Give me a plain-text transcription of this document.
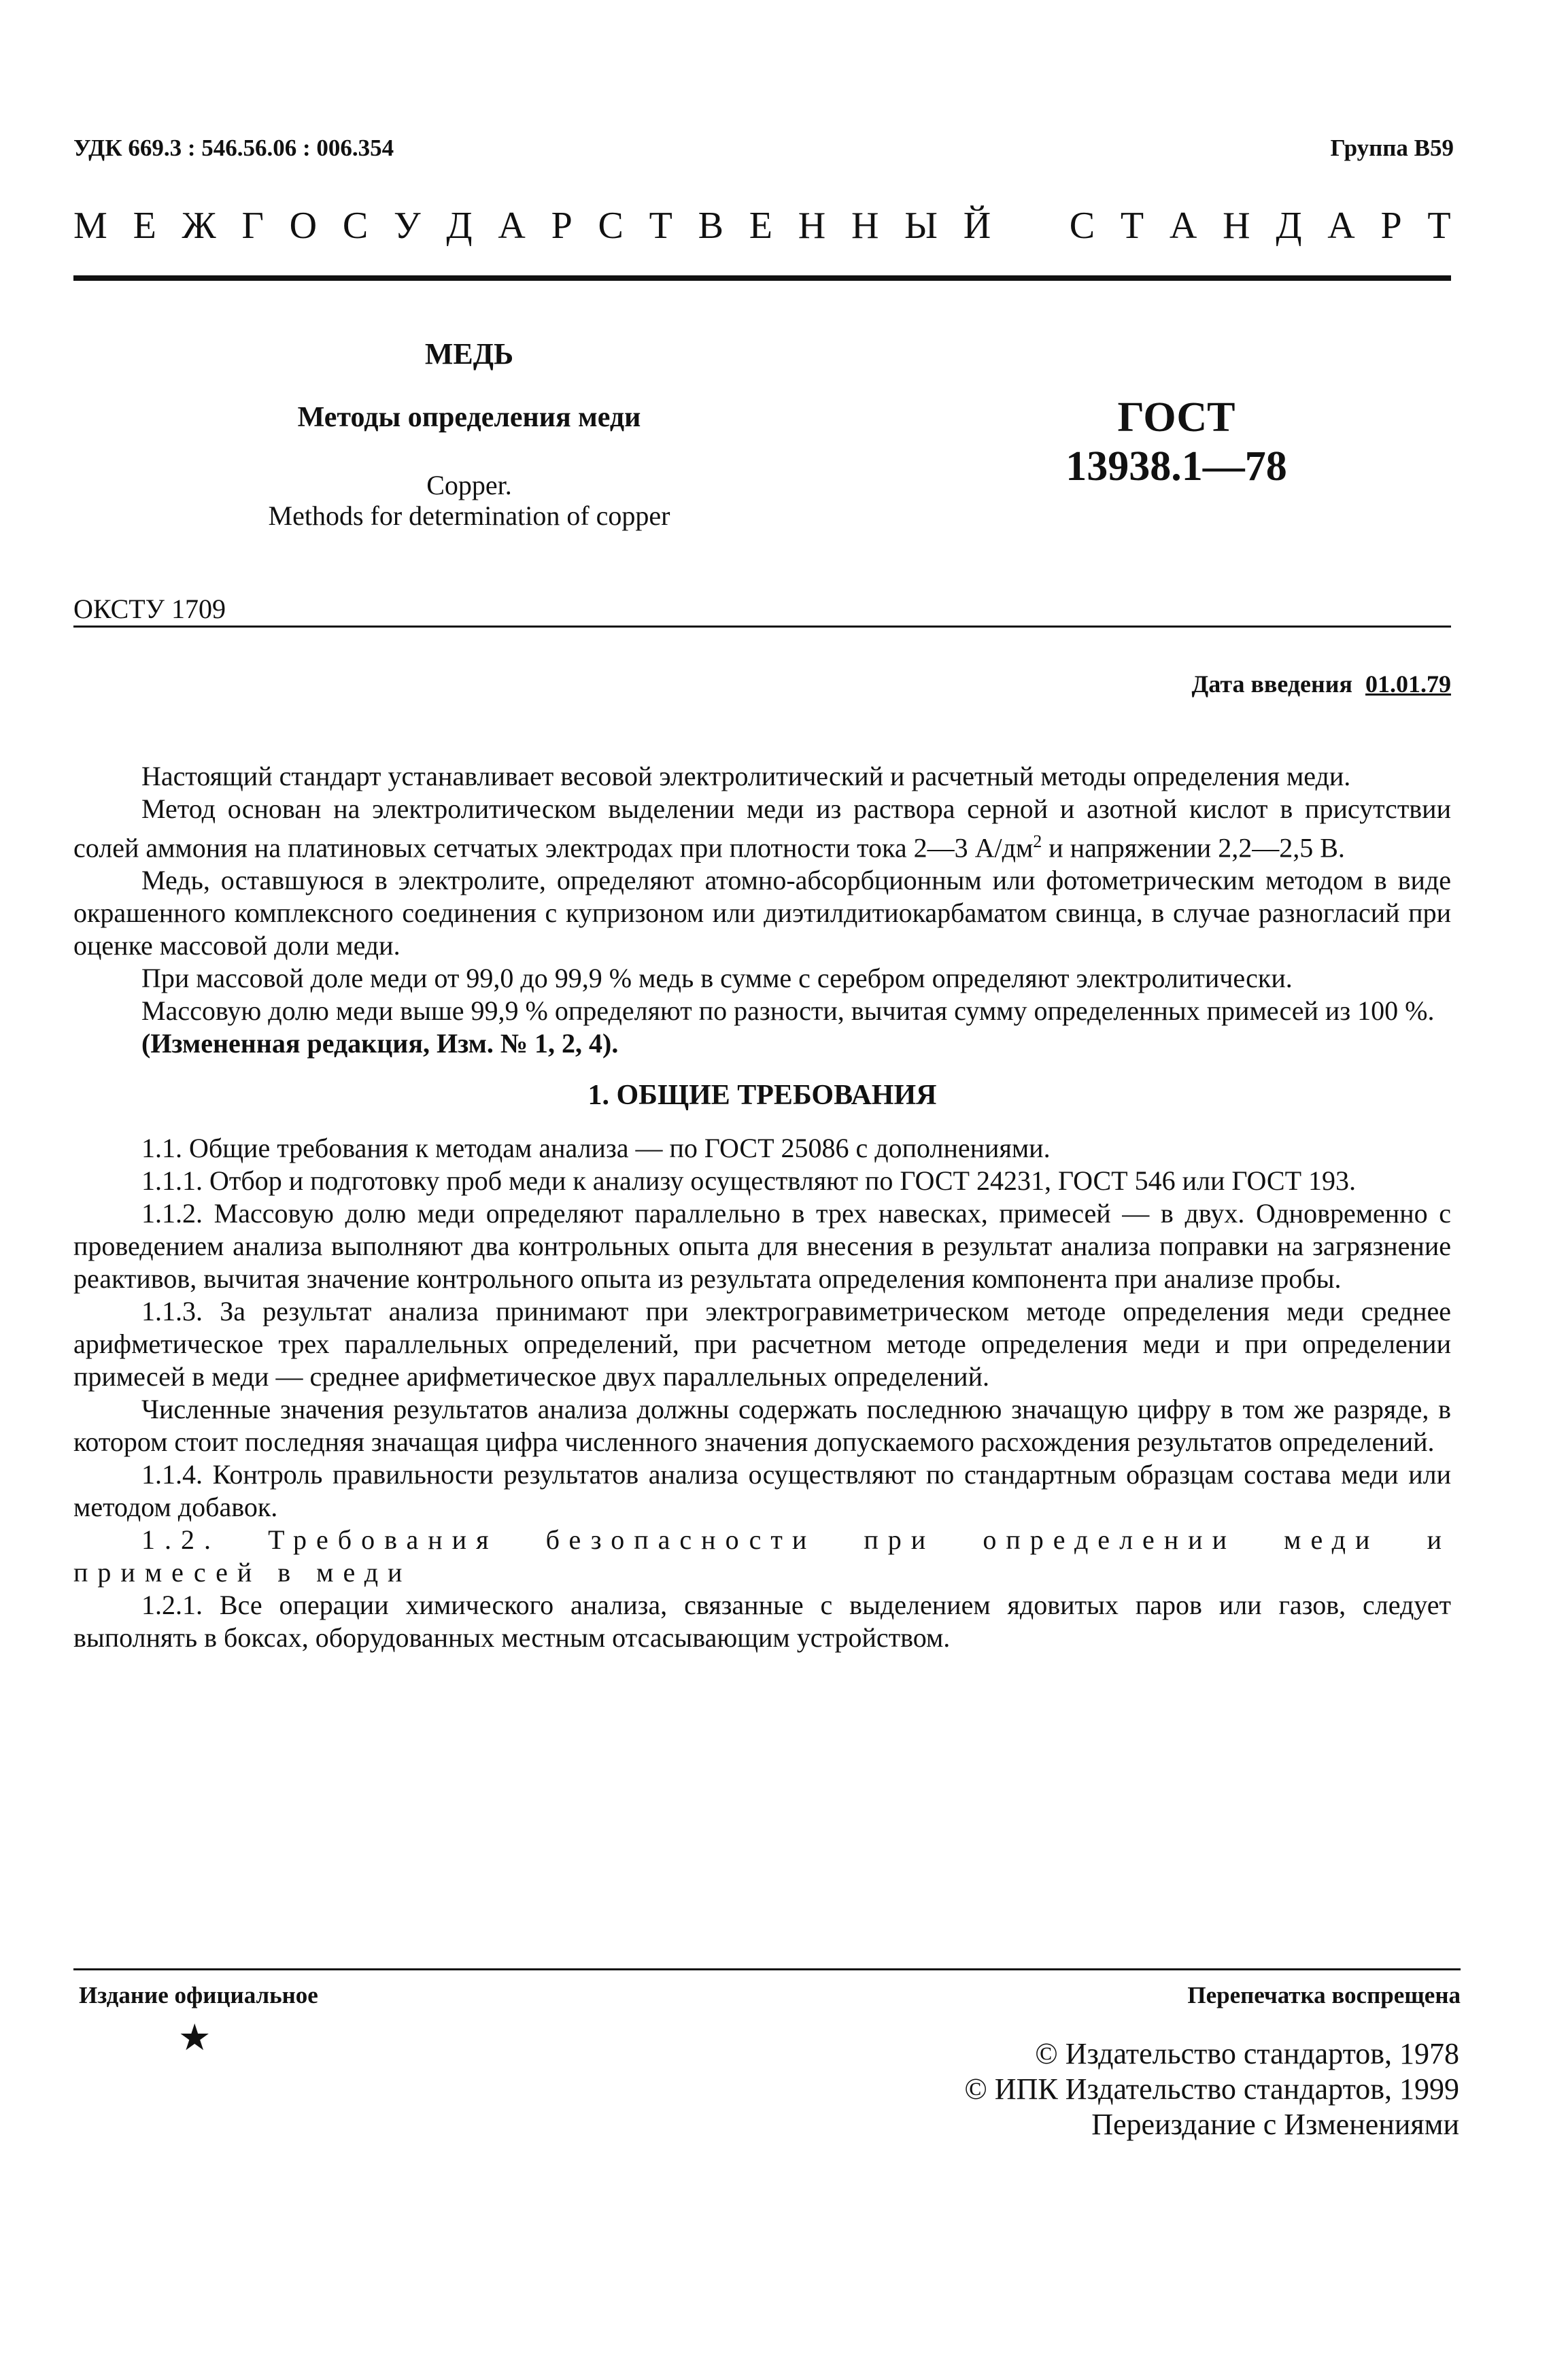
УДК 669.3 : 546.56.06 : 006.354	Группа В59
М Е Ж Г О С У Д А Р С Т В Е Н Н Ы Й С Т А Н Д А Р Т
МЕДЬ
Методы определения меди
Copper.
Methods for determination of copper
ГОСТ
13938.1—78
ОКСТУ 1709
Дата введения 01.01.79

Настоящий стандарт устанавливает весовой электролитический и расчетный методы определения меди.

Метод основан на электролитическом выделении меди из раствора серной и азотной кислот в присутствии солей аммония на платиновых сетчатых электродах при плотности тока 2—3 $А/дм^2$ и напряжении 2,2—2,5 В.

Медь, оставшуюся в электролите, определяют атомно-абсорбционным или фотометрическим методом в виде окрашенного комплексного соединения с купризоном или диэтилдитиокарбаматом свинца, в случае разногласий при оценке массовой доли меди.

При массовой доле меди от 99,0 до 99,9 % медь в сумме с серебром определяют электролитически.

Массовую долю меди выше 99,9 % определяют по разности, вычитая сумму определенных примесей из 100 %.

(Измененная редакция, Изм. № 1, 2, 4).

1. ОБЩИЕ ТРЕБОВАНИЯ

1.1. Общие требования к методам анализа — по ГОСТ 25086 с дополнениями.

1.1.1. Отбор и подготовку проб меди к анализу осуществляют по ГОСТ 24231, ГОСТ 546 или ГОСТ 193.

1.1.2. Массовую долю меди определяют параллельно в трех навесках, примесей — в двух. Одновременно с проведением анализа выполняют два контрольных опыта для внесения в результат анализа поправки на загрязнение реактивов, вычитая значение контрольного опыта из результата определения компонента при анализе пробы.

1.1.3. За результат анализа принимают при электрогравиметрическом методе определения меди среднее арифметическое трех параллельных определений, при расчетном методе определения меди и при определении примесей в меди — среднее арифметическое двух параллельных определений.

Численные значения результатов анализа должны содержать последнюю значащую цифру в том же разряде, в котором стоит последняя значащая цифра численного значения допускаемого расхождения результатов определений.

1.1.4. Контроль правильности результатов анализа осуществляют по стандартным образцам состава меди или методом добавок.

1.2. Требования безопасности при определении меди и примесей в меди

1.2.1. Все операции химического анализа, связанные с выделением ядовитых паров или газов, следует выполнять в боксах, оборудованных местным отсасывающим устройством.

Издание официальное	Перепечатка воспрещена
★	© Издательство стандартов, 1978
© ИПК Издательство стандартов, 1999
Переиздание с Изменениями
